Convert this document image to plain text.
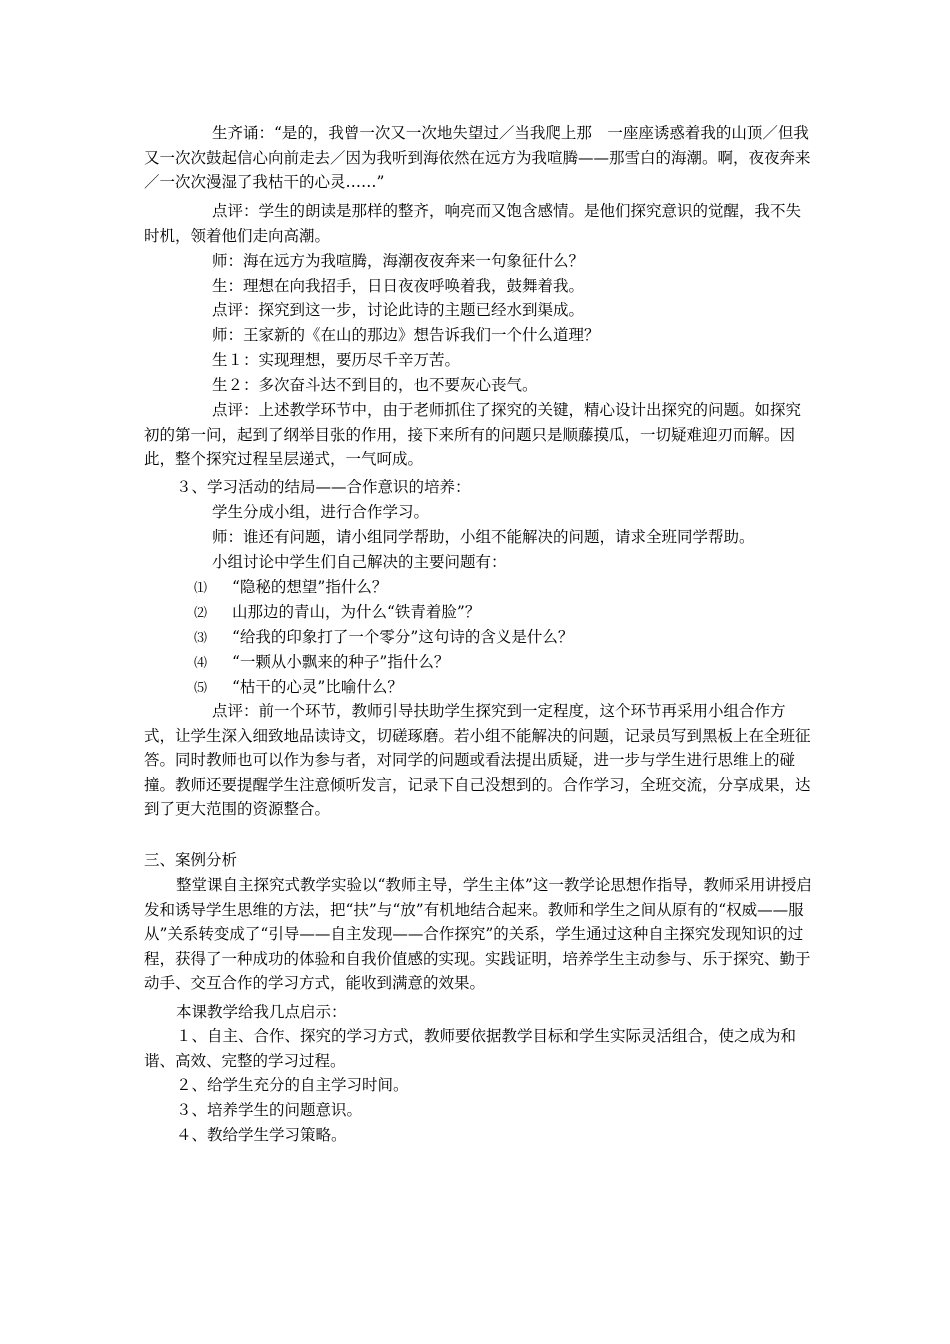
生齐诵：“是的，我曾一次又一次地失望过／当我爬上那　一座座诱惑着我的山顶／但我又一次次鼓起信心向前走去／因为我听到海依然在远方为我喧腾——那雪白的海潮。啊，夜夜奔来／一次次漫湿了我枯干的心灵……”

点评：学生的朗读是那样的整齐，响亮而又饱含感情。是他们探究意识的觉醒，我不失时机，领着他们走向高潮。

师：海在远方为我喧腾，海潮夜夜奔来一句象征什么？

生：理想在向我招手，日日夜夜呼唤着我，鼓舞着我。

点评：探究到这一步，讨论此诗的主题已经水到渠成。

师：王家新的《在山的那边》想告诉我们一个什么道理？

生１：实现理想，要历尽千辛万苦。

生２：多次奋斗达不到目的，也不要灰心丧气。

点评：上述教学环节中，由于老师抓住了探究的关键，精心设计出探究的问题。如探究初的第一问，起到了纲举目张的作用，接下来所有的问题只是顺藤摸瓜，一切疑难迎刃而解。因此，整个探究过程呈层递式，一气呵成。

３、学习活动的结局——合作意识的培养：

学生分成小组，进行合作学习。

师：谁还有问题，请小组同学帮助，小组不能解决的问题，请求全班同学帮助。

小组讨论中学生们自己解决的主要问题有：

⑴ “隐秘的想望”指什么？

⑵ 山那边的青山，为什么“铁青着脸”？

⑶ “给我的印象打了一个零分”这句诗的含义是什么？

⑷ “一颗从小飘来的种子”指什么？

⑸ “枯干的心灵”比喻什么？

点评：前一个环节，教师引导扶助学生探究到一定程度，这个环节再采用小组合作方式，让学生深入细致地品读诗文，切磋琢磨。若小组不能解决的问题，记录员写到黑板上在全班征答。同时教师也可以作为参与者，对同学的问题或看法提出质疑，进一步与学生进行思维上的碰撞。教师还要提醒学生注意倾听发言，记录下自己没想到的。合作学习，全班交流，分享成果，达到了更大范围的资源整合。

三、案例分析

整堂课自主探究式教学实验以“教师主导，学生主体”这一教学论思想作指导，教师采用讲授启发和诱导学生思维的方法，把“扶”与“放”有机地结合起来。教师和学生之间从原有的“权威——服从”关系转变成了“引导——自主发现——合作探究”的关系，学生通过这种自主探究发现知识的过程，获得了一种成功的体验和自我价值感的实现。实践证明，培养学生主动参与、乐于探究、勤于动手、交互合作的学习方式，能收到满意的效果。

本课教学给我几点启示：

１、自主、合作、探究的学习方式，教师要依据教学目标和学生实际灵活组合，使之成为和谐、高效、完整的学习过程。

２、给学生充分的自主学习时间。

３、培养学生的问题意识。

４、教给学生学习策略。
